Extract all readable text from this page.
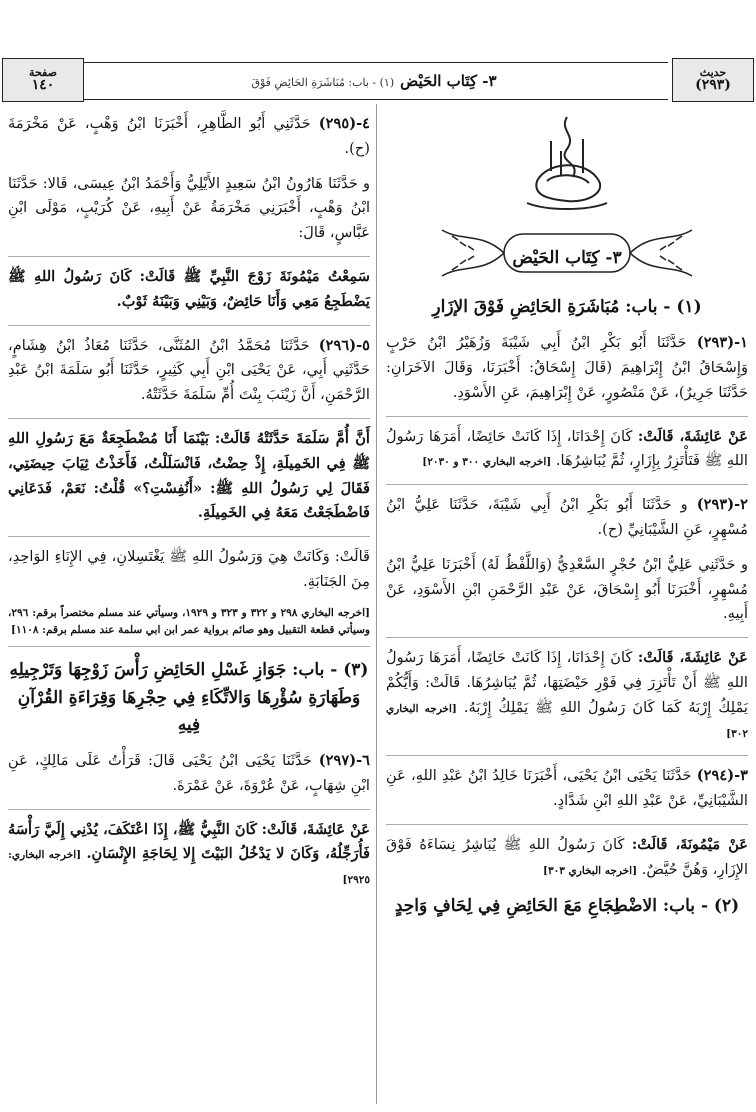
حديث
(٢٩٣)
٣- كِتَاب الحَيْض
(١) - باب: مُبَاشَرَةِ الحَائِضِ فَوْقَ
صفحة
١٤٠
٣- كِتَاب الحَيْض
(١) - باب: مُبَاشَرَةِ الحَائِضِ فَوْقَ الإزَارِ

١-(٢٩٣) حَدَّثَنَا أَبُو بَكْرِ ابْنُ أَبِي شَيْبَةَ وَزُهَيْرُ ابْنُ حَرْبٍ وَإِسْحَاقُ ابْنُ إِبْرَاهِيمَ (قَالَ إِسْحَاقُ: أَخْبَرَنَا، وَقَالَ الآخَرَانِ: حَدَّثَنَا جَرِيرٌ)، عَنْ مَنْصُورٍ، عَنْ إِبْرَاهِيمَ، عَنِ الأَسْوَدِ.

عَنْ عَائِشَةَ، قَالَتْ: كَانَ إِحْدَانَا، إِذَا كَانَتْ حَائِضًا، أَمَرَهَا رَسُولُ اللهِ ﷺ فَتَأْتَزِرُ بِإِزَارٍ، ثُمَّ يُبَاشِرُهَا. [اخرجه البخاري ٣٠٠ و ٢٠٣٠]

٢-(٢٩٣) و حَدَّثَنَا أَبُو بَكْرِ ابْنُ أَبِي شَيْبَةَ، حَدَّثَنَا عَلِيُّ ابْنُ مُسْهِرٍ، عَنِ الشَّيْبَانِيِّ (ح).

و حَدَّثَنِي عَلِيُّ ابْنُ حُجْرٍ السَّعْدِيُّ (وَاللَّفْظُ لَهُ) أَخْبَرَنَا عَلِيُّ ابْنُ مُسْهِرٍ، أَخْبَرَنَا أَبُو إِسْحَاقَ، عَنْ عَبْدِ الرَّحْمَنِ ابْنِ الأَسْوَدِ، عَنْ أَبِيهِ.

عَنْ عَائِشَةَ، قَالَتْ: كَانَ إِحْدَانَا، إِذَا كَانَتْ حَائِضًا، أَمَرَهَا رَسُولُ اللهِ ﷺ أَنْ تَأْتَزِرَ فِي فَوْرِ حَيْضَتِهَا، ثُمَّ يُبَاشِرُهَا. قَالَتْ: وَأَيُّكُمْ يَمْلِكُ إِرْبَهُ كَمَا كَانَ رَسُولُ اللهِ ﷺ يَمْلِكُ إِرْبَهُ. [اخرجه البخاري ٣٠٢]

٣-(٢٩٤) حَدَّثَنَا يَحْيَى ابْنُ يَحْيَى، أَخْبَرَنَا خَالِدُ ابْنُ عَبْدِ اللهِ، عَنِ الشَّيْبَانِيِّ، عَنْ عَبْدِ اللهِ ابْنِ شَدَّادٍ.

عَنْ مَيْمُونَةَ، قَالَتْ: كَانَ رَسُولُ اللهِ ﷺ يُبَاشِرُ نِسَاءَهُ فَوْقَ الإِزَارِ، وَهُنَّ حُيَّضٌ. [اخرجه البخاري ٣٠٣]

(٢) - باب: الاضْطِجَاعِ مَعَ الحَائِضِ فِي لِحَافٍ وَاحِدٍ

٤-(٢٩٥) حَدَّثَنِي أَبُو الطَّاهِرِ، أَخْبَرَنَا ابْنُ وَهْبٍ، عَنْ مَخْرَمَةَ (ح).

و حَدَّثَنَا هَارُونُ ابْنُ سَعِيدٍ الأَيْلِيُّ وَأَحْمَدُ ابْنُ عِيسَى، قَالا: حَدَّثَنَا ابْنُ وَهْبٍ، أَخْبَرَنِي مَخْرَمَةُ عَنْ أَبِيهِ، عَنْ كُرَيْبٍ، مَوْلَى ابْنِ عَبَّاسٍ، قَالَ:

سَمِعْتُ مَيْمُونَةَ زَوْجَ النَّبِيِّ ﷺ قَالَتْ: كَانَ رَسُولُ اللهِ ﷺ يَضْطَجِعُ مَعِي وَأَنَا حَائِضٌ، وَبَيْنِي وَبَيْنَهُ ثَوْبٌ.

٥-(٢٩٦) حَدَّثَنَا مُحَمَّدُ ابْنُ المُثَنَّى، حَدَّثَنَا مُعَاذُ ابْنُ هِشَامٍ، حَدَّثَنِي أَبِي، عَنْ يَحْيَى ابْنِ أَبِي كَثِيرٍ، حَدَّثَنَا أَبُو سَلَمَةَ ابْنُ عَبْدِ الرَّحْمَنِ، أَنَّ زَيْنَبَ بِنْتَ أُمِّ سَلَمَةَ حَدَّثَتْهُ.

أَنَّ أُمَّ سَلَمَةَ حَدَّثَتْهُ قَالَتْ: بَيْنَمَا أَنَا مُضْطَجِعَةٌ مَعَ رَسُولِ اللهِ ﷺ فِي الخَمِيلَةِ، إِذْ حِضْتُ، فَانْسَلَلْتُ، فَأَخَذْتُ ثِيَابَ حِيضَتِي، فَقَالَ لِي رَسُولُ اللهِ ﷺ: «أَنُفِسْتِ؟» قُلْتُ: نَعَمْ، فَدَعَانِي فَاضْطَجَعْتُ مَعَهُ فِي الخَمِيلَةِ.

قَالَتْ: وَكَانَتْ هِيَ وَرَسُولُ اللهِ ﷺ يَغْتَسِلانِ، فِي الإِنَاءِ الوَاحِدِ، مِنَ الجَنَابَةِ.

[اخرجه البخاري ٢٩٨ و ٣٢٢ و ٣٢٣ و ١٩٢٩، وسيأتي عند مسلم مختصراً برقم: ٢٩٦، وسيأتي قطعة التقبيل وهو صائم برواية عمر ابن ابي سلمة عند مسلم برقم: ١١٠٨]
(٣) - باب: جَوَازِ غَسْلِ الحَائِضِ رَأْسَ زَوْجِهَا وَتَرْجِيلِهِ وَطَهَارَةِ سُؤْرِهَا وَالاتِّكَاءِ فِي حِجْرِهَا وَقِرَاءَةِ القُرْآنِ فِيهِ

٦-(٢٩٧) حَدَّثَنَا يَحْيَى ابْنُ يَحْيَى قَالَ: قَرَأْتُ عَلَى مَالِكٍ، عَنِ ابْنِ شِهَابٍ، عَنْ عُرْوَةَ، عَنْ عَمْرَةَ.

عَنْ عَائِشَةَ، قَالَتْ: كَانَ النَّبِيُّ ﷺ، إِذَا اعْتَكَفَ، يُدْنِي إِلَيَّ رَأْسَهُ فَأُرَجِّلُهُ، وَكَانَ لا يَدْخُلُ البَيْتَ إِلا لِحَاجَةِ الإِنْسَانِ. [اخرجه البخاري: ٢٩٢٥]
